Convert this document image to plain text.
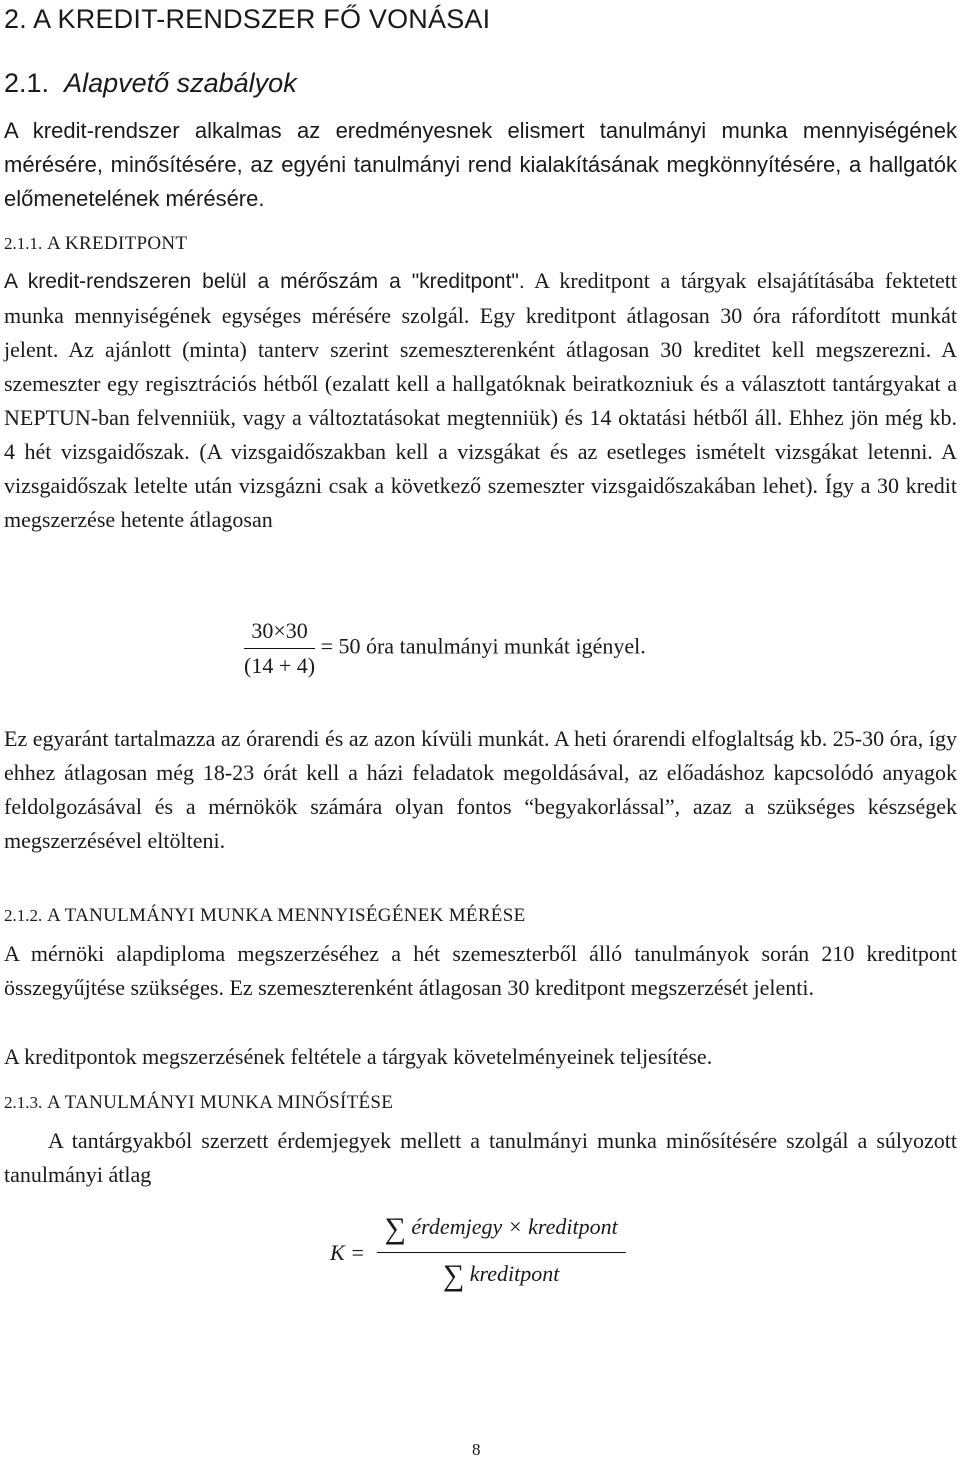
2. A KREDIT-RENDSZER FŐ VONÁSAI
2.1. Alapvető szabályok

A kredit-rendszer alkalmas az eredményesnek elismert tanulmányi munka mennyiségének mérésére, minősítésére, az egyéni tanulmányi rend kialakításának megkönnyítésére, a hallgatók előmenetelének mérésére.

2.1.1. A KREDITPONT

A kredit-rendszeren belül a mérőszám a "kreditpont". A kreditpont a tárgyak elsajátításába fektetett munka mennyiségének egységes mérésére szolgál. Egy kreditpont átlagosan 30 óra ráfordított munkát jelent. Az ajánlott (minta) tanterv szerint szemeszterenként átlagosan 30 kreditet kell megszerezni. A szemeszter egy regisztrációs hétből (ezalatt kell a hallgatóknak beiratkozniuk és a választott tantárgyakat a NEPTUN-ban felvenniük, vagy a változtatásokat megtenniük) és 14 oktatási hétből áll. Ehhez jön még kb. 4 hét vizsgaidőszak. (A vizsgaidőszakban kell a vizsgákat és az esetleges ismételt vizsgákat letenni. A vizsgaidőszak letelte után vizsgázni csak a következő szemeszter vizsgaidőszakában lehet). Így a 30 kredit megszerzése hetente átlagosan

$\frac{30\times 30}{(14 + 4)} = 50$ óra tanulmányi munkát igényel.

Ez egyaránt tartalmazza az órarendi és az azon kívüli munkát. A heti órarendi elfoglaltság kb. 25-30 óra, így ehhez átlagosan még 18-23 órát kell a házi feladatok megoldásával, az előadáshoz kapcsolódó anyagok feldolgozásával és a mérnökök számára olyan fontos “begyakorlással”, azaz a szükséges készségek megszerzésével eltölteni.

2.1.2. A TANULMÁNYI MUNKA MENNYISÉGÉNEK MÉRÉSE

A mérnöki alapdiploma megszerzéséhez a hét szemeszterből álló tanulmányok során 210 kreditpont összegyűjtése szükséges. Ez szemeszterenként átlagosan 30 kreditpont megszerzését jelenti.

A kreditpontok megszerzésének feltétele a tárgyak követelményeinek teljesítése.

2.1.3. A TANULMÁNYI MUNKA MINŐSÍTÉSE

A tantárgyakból szerzett érdemjegyek mellett a tanulmányi munka minősítésére szolgál a súlyozott tanulmányi átlag

$K = \frac{\text{∑ érdemjegy × kreditpont}}{\text{∑ kreditpont}}$
8
